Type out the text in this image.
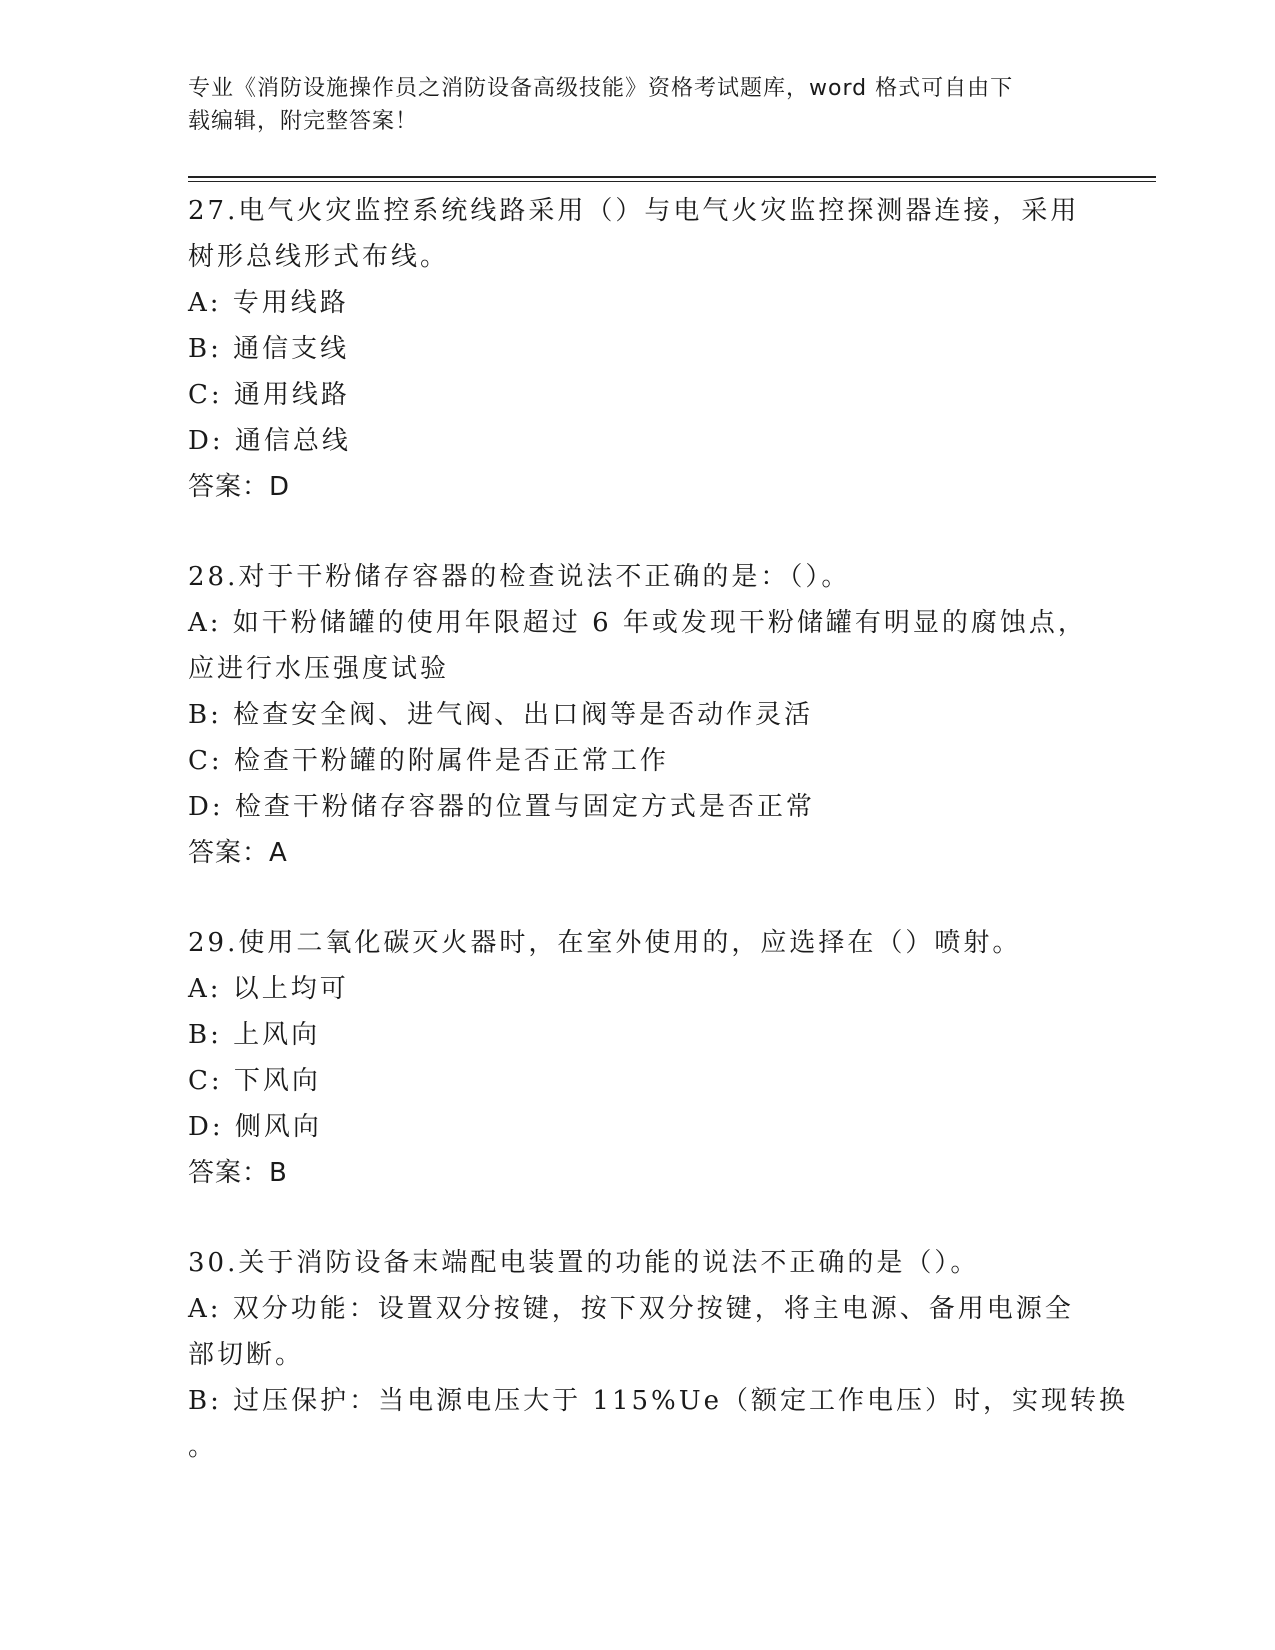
专业《消防设施操作员之消防设备高级技能》资格考试题库，word 格式可自由下
载编辑，附完整答案！
27.电气火灾监控系统线路采用（）与电气火灾监控探测器连接，采用
树形总线形式布线。
A: 专用线路
B: 通信支线
C: 通用线路
D: 通信总线
答案：D
28.对于干粉储存容器的检查说法不正确的是：（）。
A: 如干粉储罐的使用年限超过 6 年或发现干粉储罐有明显的腐蚀点，
应进行水压强度试验
B: 检查安全阀、进气阀、出口阀等是否动作灵活
C: 检查干粉罐的附属件是否正常工作
D: 检查干粉储存容器的位置与固定方式是否正常
答案：A
29.使用二氧化碳灭火器时，在室外使用的，应选择在（）喷射。
A: 以上均可
B: 上风向
C: 下风向
D: 侧风向
答案：B
30.关于消防设备末端配电装置的功能的说法不正确的是（）。
A: 双分功能：设置双分按键，按下双分按键，将主电源、备用电源全
部切断。
B: 过压保护：当电源电压大于 115%Ue（额定工作电压）时，实现转换
。
